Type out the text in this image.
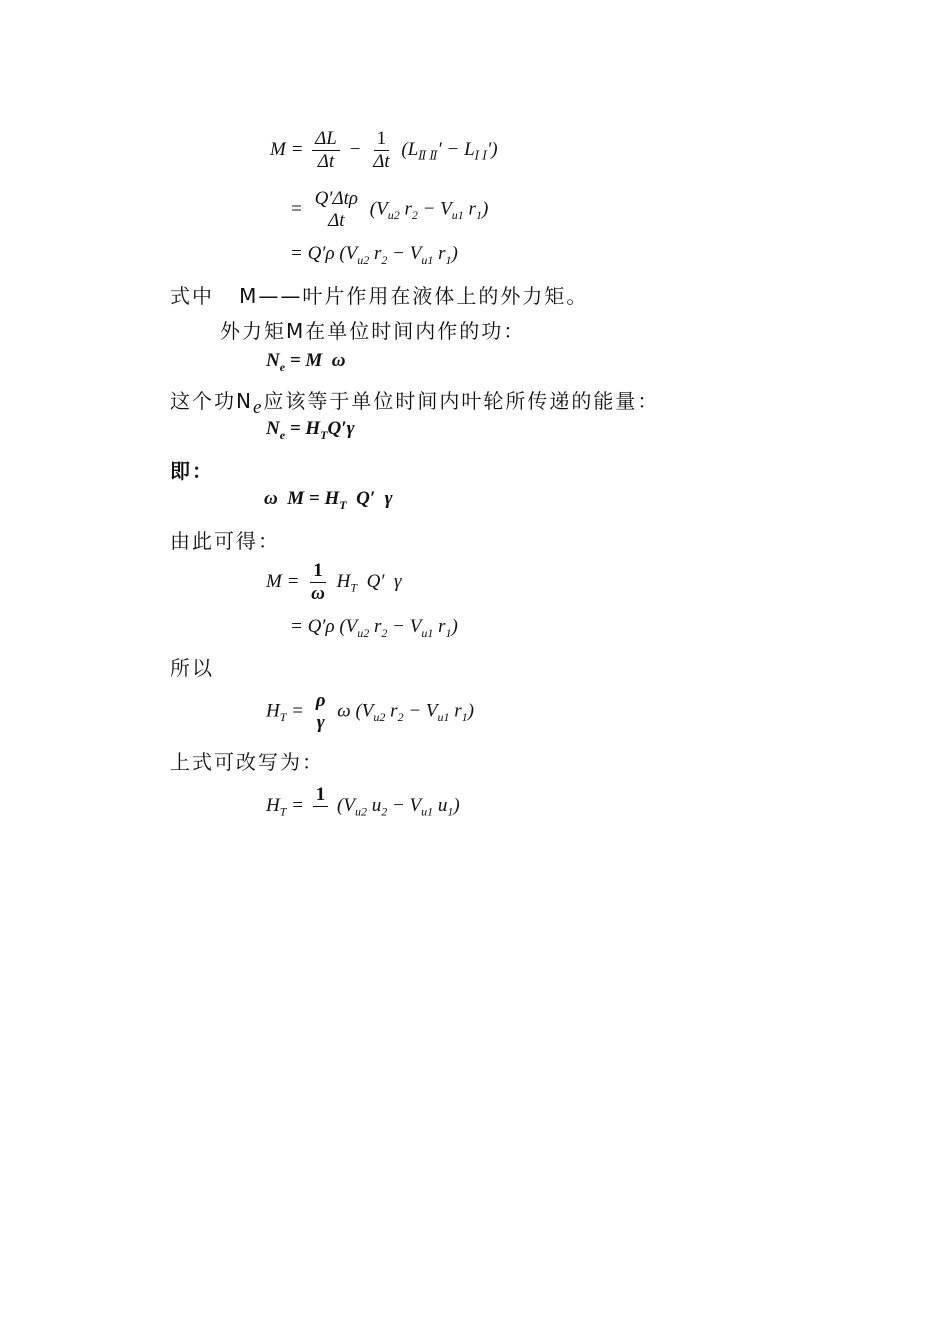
$M = \frac{\Delta L}{\Delta t} - \frac{1}{\Delta t} (L_{Ⅱ Ⅱ}' - L_{Ⅰ Ⅰ}')$
= Q′Δtρ
Δt
($V_{u2}$ $r_2 - V_{u1}$ $r_1$)
= Q′ρ ($V_{u2}$ $r_2 - V_{u1}$ $r_1$)
式中 M——叶片作用在液体上的外力矩。
外力矩M在单位时间内作的功：
$N_e = M$  ω
这个功$N_e$应该等于单位时间内叶轮所传递的能量：
$N_e = H_TQ'\gamma$
即：
ω  $M = H_T$  Q′  γ
由此可得：
$M = \frac{1}{\omega} H_T$  Q′  γ
= Q′ρ ($V_{u2}$ $r_2 - V_{u1}$ $r_1$)
所以
$H_T = \rho$
γ
ω ($V_{u2}$ $r_2 - V_{u1}$ $r_1$)
上式可改写为：
$H_T$ =
1

($V_{u2}$ $u_2 - V_{u1}$ $u_1$)
